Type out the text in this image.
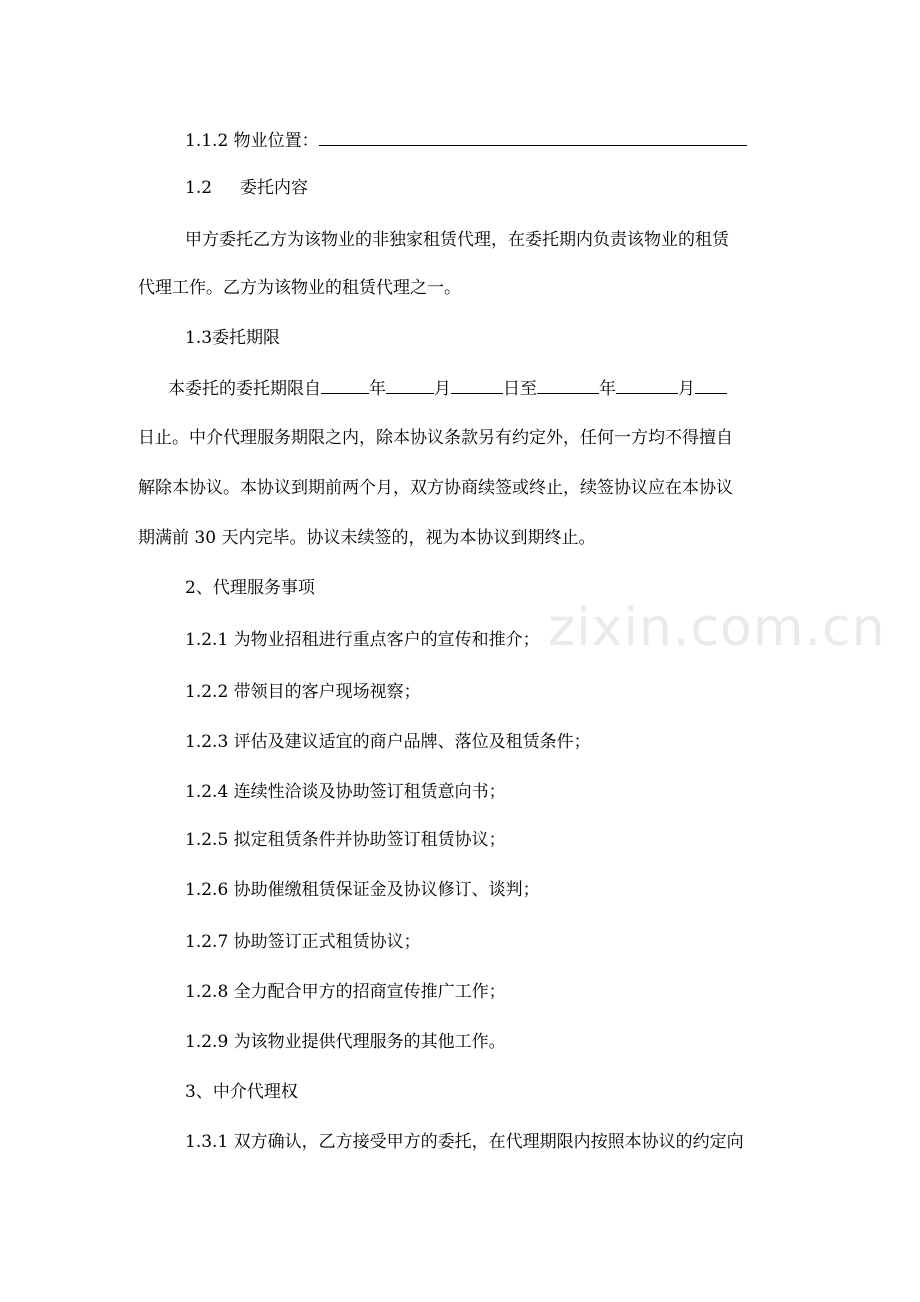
1.1.2 物业位置：
1.2 委托内容
甲方委托乙方为该物业的非独家租赁代理，在委托期内负责该物业的租赁
代理工作。乙方为该物业的租赁代理之一。
1.3委托期限
本委托的委托期限自	年	月	日至	年	月
日止。中介代理服务期限之内，除本协议条款另有约定外，任何一方均不得擅自
解除本协议。本协议到期前两个月，双方协商续签或终止，续签协议应在本协议
期满前 30 天内完毕。协议未续签的，视为本协议到期终止。
2、代理服务事项
1.2.1 为物业招租进行重点客户的宣传和推介；
1.2.2 带领目的客户现场视察；
1.2.3 评估及建议适宜的商户品牌、落位及租赁条件；
1.2.4 连续性洽谈及协助签订租赁意向书；
1.2.5 拟定租赁条件并协助签订租赁协议；
1.2.6 协助催缴租赁保证金及协议修订、谈判；
1.2.7 协助签订正式租赁协议；
1.2.8 全力配合甲方的招商宣传推广工作；
1.2.9 为该物业提供代理服务的其他工作。
3、中介代理权
1.3.1 双方确认，乙方接受甲方的委托，在代理期限内按照本协议的约定向
zixin.com.cn
